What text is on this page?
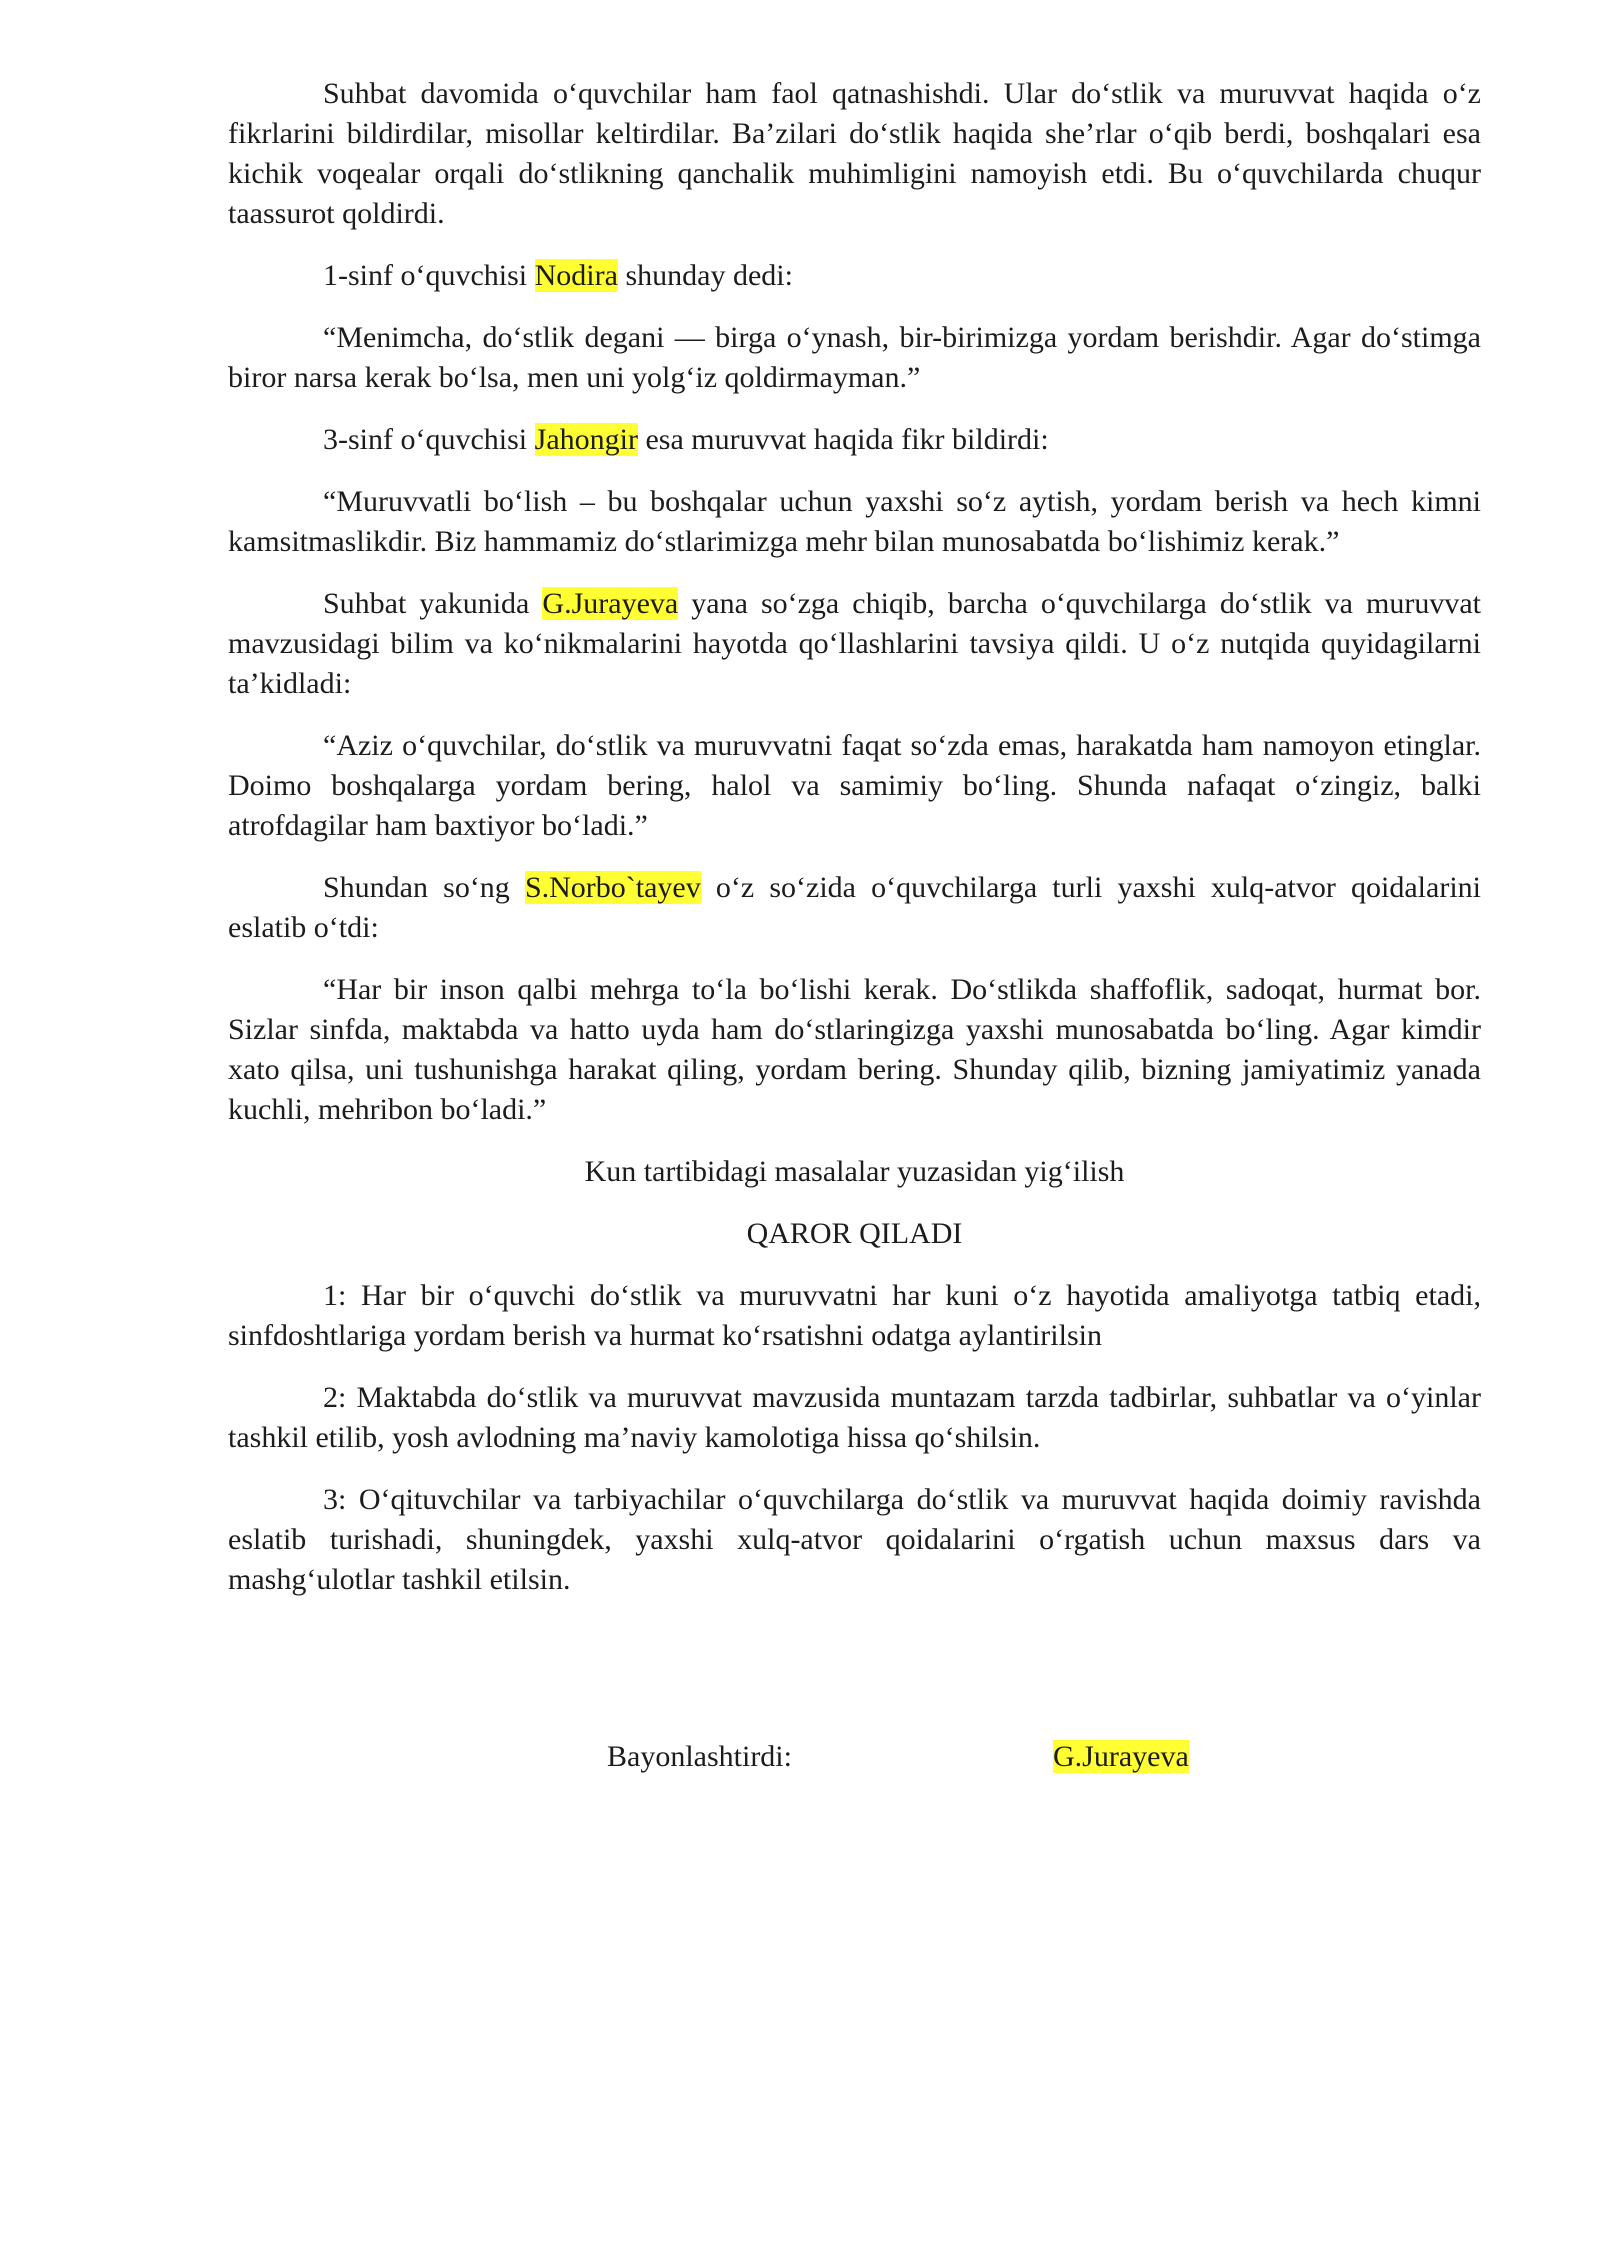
Suhbat davomida o‘quvchilar ham faol qatnashishdi. Ular do‘stlik va muruvvat haqida o‘z fikrlarini bildirdilar, misollar keltirdilar. Ba’zilari do‘stlik haqida she’rlar o‘qib berdi, boshqalari esa kichik voqealar orqali do‘stlikning qanchalik muhimligini namoyish etdi. Bu o‘quvchilarda chuqur taassurot qoldirdi.

1-sinf o‘quvchisi Nodira shunday dedi:

“Menimcha, do‘stlik degani — birga o‘ynash, bir-birimizga yordam berishdir. Agar do‘stimga biror narsa kerak bo‘lsa, men uni yolg‘iz qoldirmayman.”

3-sinf o‘quvchisi Jahongir esa muruvvat haqida fikr bildirdi:

“Muruvvatli bo‘lish – bu boshqalar uchun yaxshi so‘z aytish, yordam berish va hech kimni kamsitmaslikdir. Biz hammamiz do‘stlarimizga mehr bilan munosabatda bo‘lishimiz kerak.”

Suhbat yakunida G.Jurayeva yana so‘zga chiqib, barcha o‘quvchilarga do‘stlik va muruvvat mavzusidagi bilim va ko‘nikmalarini hayotda qo‘llashlarini tavsiya qildi. U o‘z nutqida quyidagilarni ta’kidladi:

“Aziz o‘quvchilar, do‘stlik va muruvvatni faqat so‘zda emas, harakatda ham namoyon etinglar. Doimo boshqalarga yordam bering, halol va samimiy bo‘ling. Shunda nafaqat o‘zingiz, balki atrofdagilar ham baxtiyor bo‘ladi.”

Shundan so‘ng S.Norbo`tayev o‘z so‘zida o‘quvchilarga turli yaxshi xulq-atvor qoidalarini eslatib o‘tdi:

“Har bir inson qalbi mehrga to‘la bo‘lishi kerak. Do‘stlikda shaffoflik, sadoqat, hurmat bor. Sizlar sinfda, maktabda va hatto uyda ham do‘stlaringizga yaxshi munosabatda bo‘ling. Agar kimdir xato qilsa, uni tushunishga harakat qiling, yordam bering. Shunday qilib, bizning jamiyatimiz yanada kuchli, mehribon bo‘ladi.”

Kun tartibidagi masalalar yuzasidan yig‘ilish

QAROR QILADI

1: Har bir o‘quvchi do‘stlik va muruvvatni har kuni o‘z hayotida amaliyotga tatbiq etadi, sinfdoshtlariga yordam berish va hurmat ko‘rsatishni odatga aylantirilsin

2: Maktabda do‘stlik va muruvvat mavzusida muntazam tarzda tadbirlar, suhbatlar va o‘yinlar tashkil etilib, yosh avlodning ma’naviy kamolotiga hissa qo‘shilsin.

3: O‘qituvchilar va tarbiyachilar o‘quvchilarga do‘stlik va muruvvat haqida doimiy ravishda eslatib turishadi, shuningdek, yaxshi xulq-atvor qoidalarini o‘rgatish uchun maxsus dars va mashg‘ulotlar tashkil etilsin.

Bayonlashtirdi:	G.Jurayeva
